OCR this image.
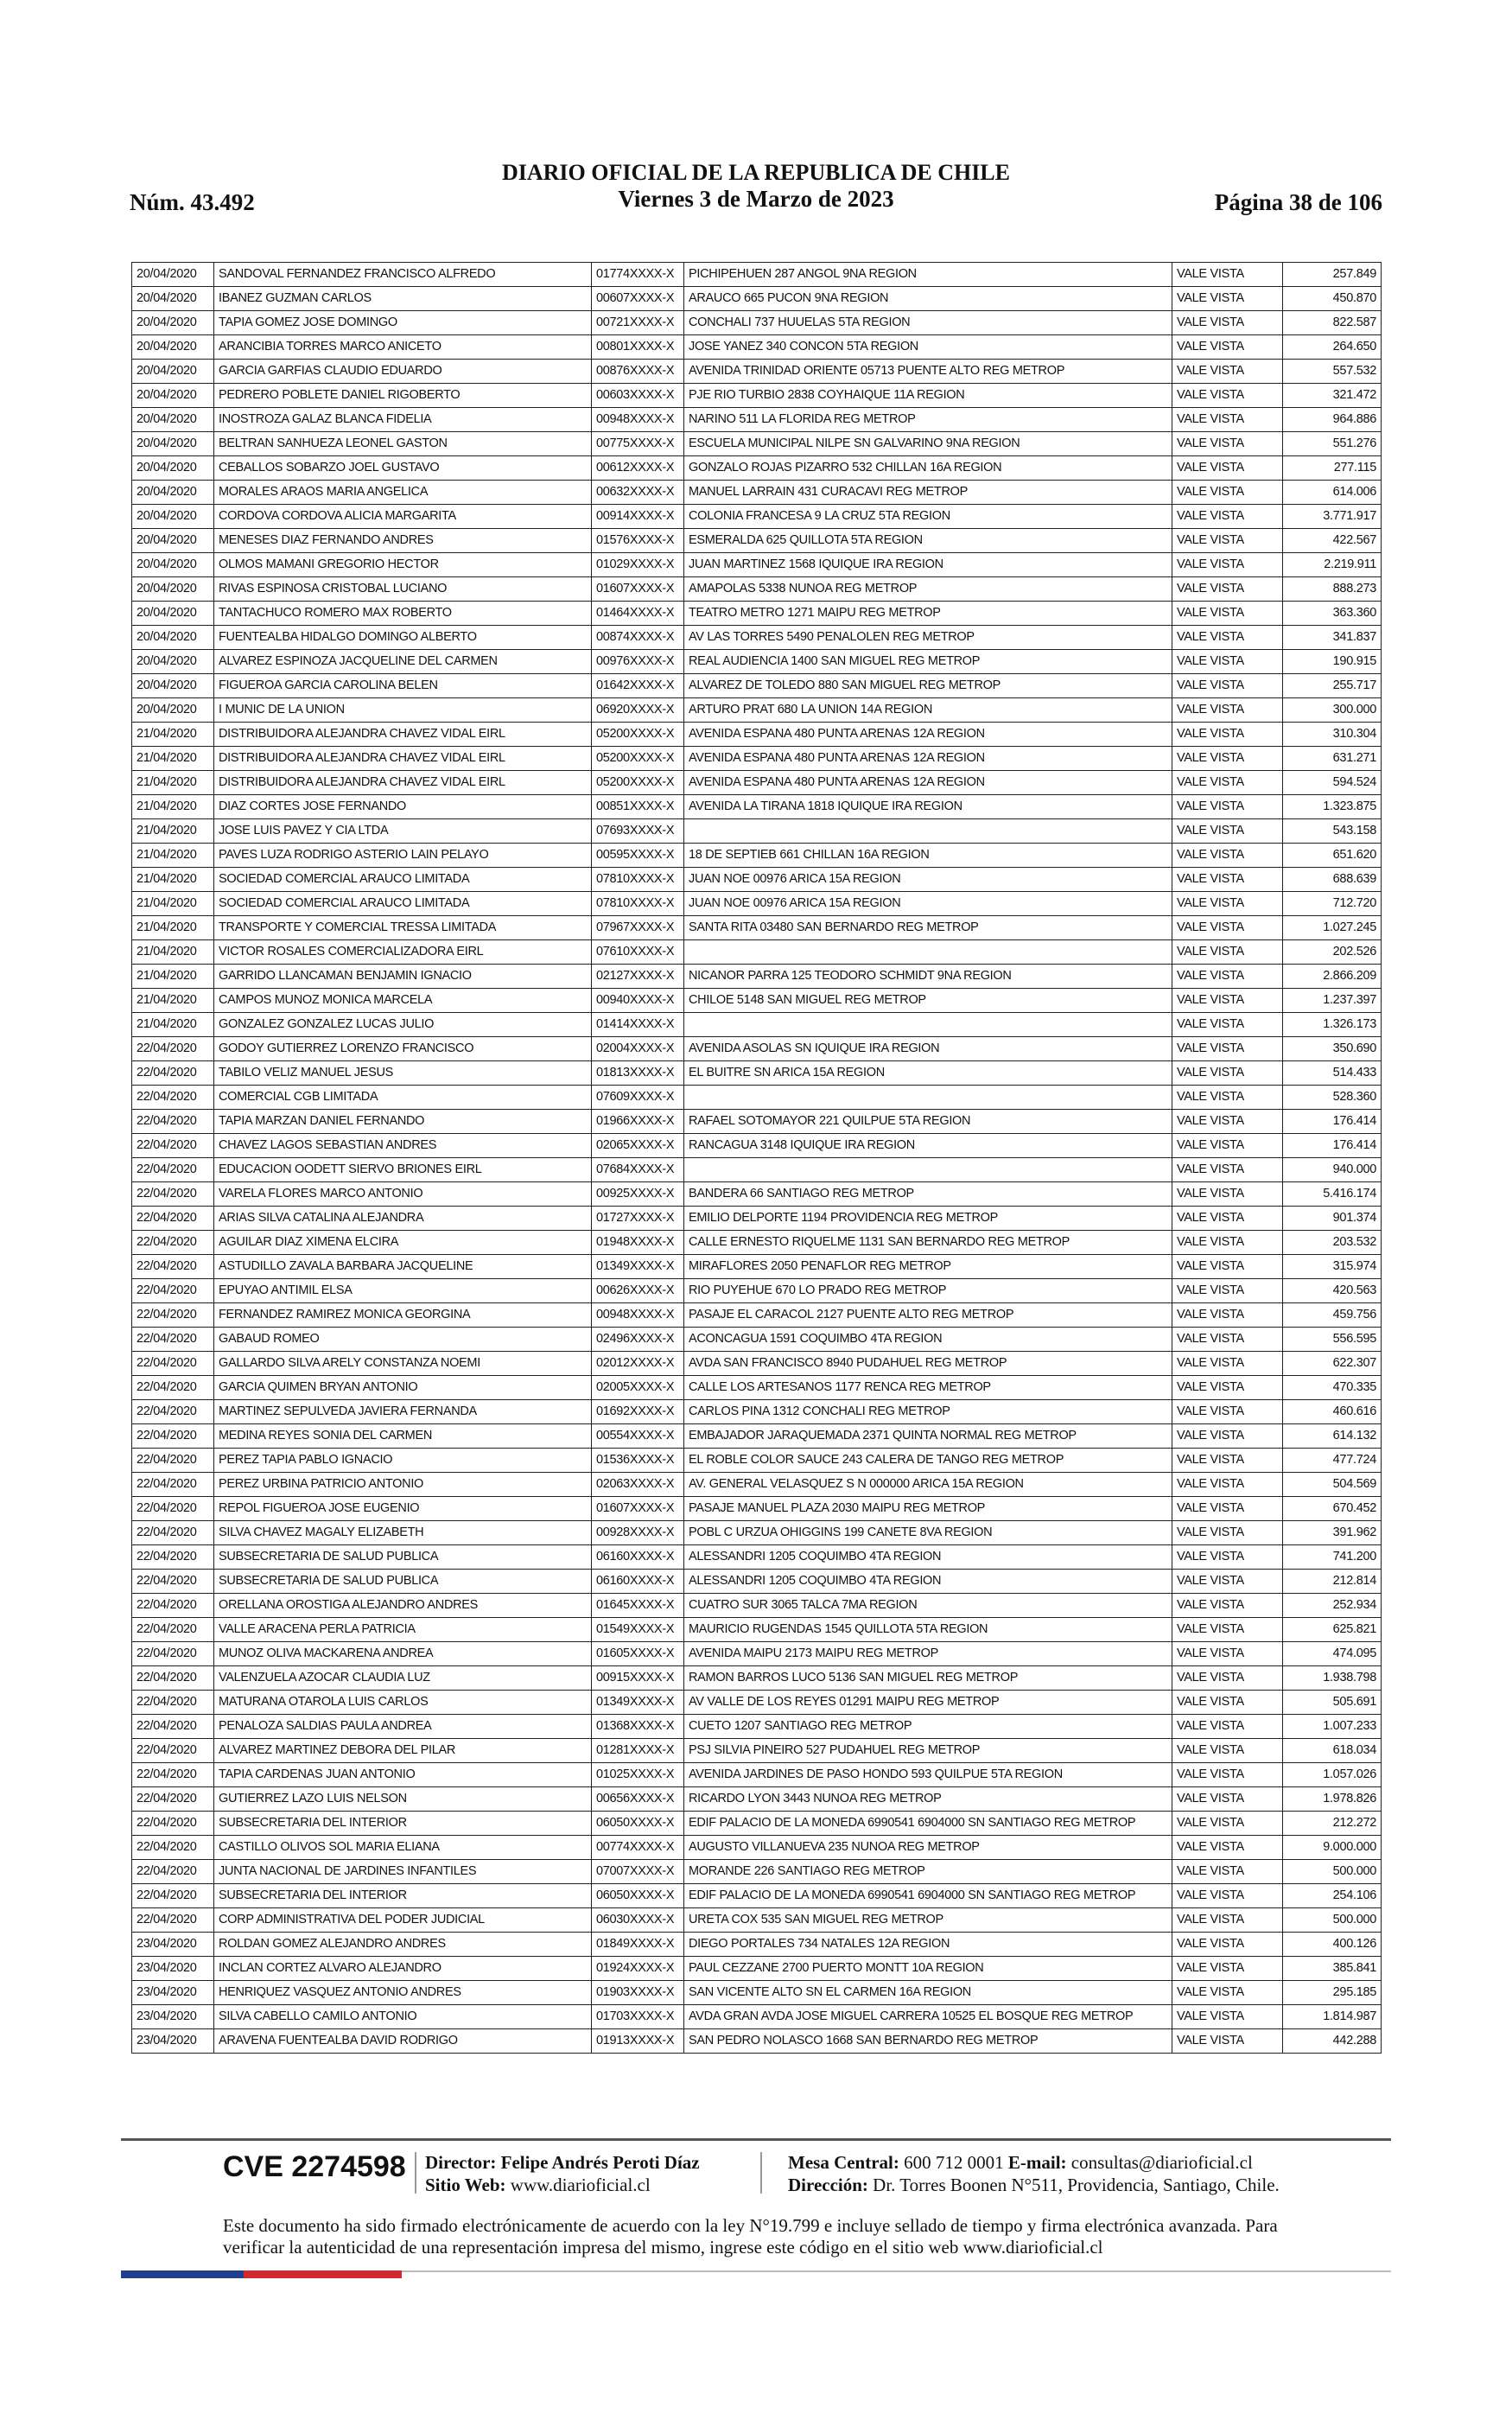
Núm. 43.492
DIARIO OFICIAL DE LA REPUBLICA DE CHILE
Viernes 3 de Marzo de 2023	Página 38 de 106
20/04/2020	SANDOVAL FERNANDEZ FRANCISCO ALFREDO	01774XXXX-X	PICHIPEHUEN 287 ANGOL 9NA REGION	VALE VISTA	257.849
20/04/2020	IBANEZ GUZMAN CARLOS	00607XXXX-X	ARAUCO 665 PUCON 9NA REGION	VALE VISTA	450.870
20/04/2020	TAPIA GOMEZ JOSE DOMINGO	00721XXXX-X	CONCHALI 737 HUUELAS 5TA REGION	VALE VISTA	822.587
20/04/2020	ARANCIBIA TORRES MARCO ANICETO	00801XXXX-X	JOSE YANEZ 340 CONCON 5TA REGION	VALE VISTA	264.650
20/04/2020	GARCIA GARFIAS CLAUDIO EDUARDO	00876XXXX-X	AVENIDA TRINIDAD ORIENTE 05713 PUENTE ALTO REG METROP	VALE VISTA	557.532
20/04/2020	PEDRERO POBLETE DANIEL RIGOBERTO	00603XXXX-X	PJE RIO TURBIO 2838 COYHAIQUE 11A REGION	VALE VISTA	321.472
20/04/2020	INOSTROZA GALAZ BLANCA FIDELIA	00948XXXX-X	NARINO 511 LA FLORIDA REG METROP	VALE VISTA	964.886
20/04/2020	BELTRAN SANHUEZA LEONEL GASTON	00775XXXX-X	ESCUELA MUNICIPAL NILPE SN GALVARINO 9NA REGION	VALE VISTA	551.276
20/04/2020	CEBALLOS SOBARZO JOEL GUSTAVO	00612XXXX-X	GONZALO ROJAS PIZARRO 532 CHILLAN 16A REGION	VALE VISTA	277.115
20/04/2020	MORALES ARAOS MARIA ANGELICA	00632XXXX-X	MANUEL LARRAIN 431 CURACAVI REG METROP	VALE VISTA	614.006
20/04/2020	CORDOVA CORDOVA ALICIA MARGARITA	00914XXXX-X	COLONIA FRANCESA 9 LA CRUZ 5TA REGION	VALE VISTA	3.771.917
20/04/2020	MENESES DIAZ FERNANDO ANDRES	01576XXXX-X	ESMERALDA 625 QUILLOTA 5TA REGION	VALE VISTA	422.567
20/04/2020	OLMOS MAMANI GREGORIO HECTOR	01029XXXX-X	JUAN MARTINEZ 1568 IQUIQUE IRA REGION	VALE VISTA	2.219.911
20/04/2020	RIVAS ESPINOSA CRISTOBAL LUCIANO	01607XXXX-X	AMAPOLAS 5338 NUNOA REG METROP	VALE VISTA	888.273
20/04/2020	TANTACHUCO ROMERO MAX ROBERTO	01464XXXX-X	TEATRO METRO 1271 MAIPU REG METROP	VALE VISTA	363.360
20/04/2020	FUENTEALBA HIDALGO DOMINGO ALBERTO	00874XXXX-X	AV LAS TORRES 5490 PENALOLEN REG METROP	VALE VISTA	341.837
20/04/2020	ALVAREZ ESPINOZA JACQUELINE DEL CARMEN	00976XXXX-X	REAL AUDIENCIA 1400 SAN MIGUEL REG METROP	VALE VISTA	190.915
20/04/2020	FIGUEROA GARCIA CAROLINA BELEN	01642XXXX-X	ALVAREZ DE TOLEDO 880 SAN MIGUEL REG METROP	VALE VISTA	255.717
20/04/2020	I MUNIC DE LA UNION	06920XXXX-X	ARTURO PRAT 680 LA UNION 14A REGION	VALE VISTA	300.000
21/04/2020	DISTRIBUIDORA ALEJANDRA CHAVEZ VIDAL EIRL	05200XXXX-X	AVENIDA ESPANA 480 PUNTA ARENAS 12A REGION	VALE VISTA	310.304
21/04/2020	DISTRIBUIDORA ALEJANDRA CHAVEZ VIDAL EIRL	05200XXXX-X	AVENIDA ESPANA 480 PUNTA ARENAS 12A REGION	VALE VISTA	631.271
21/04/2020	DISTRIBUIDORA ALEJANDRA CHAVEZ VIDAL EIRL	05200XXXX-X	AVENIDA ESPANA 480 PUNTA ARENAS 12A REGION	VALE VISTA	594.524
21/04/2020	DIAZ CORTES JOSE FERNANDO	00851XXXX-X	AVENIDA LA TIRANA 1818 IQUIQUE IRA REGION	VALE VISTA	1.323.875
21/04/2020	JOSE LUIS PAVEZ Y CIA LTDA	07693XXXX-X		VALE VISTA	543.158
21/04/2020	PAVES LUZA RODRIGO ASTERIO LAIN PELAYO	00595XXXX-X	18 DE SEPTIEB 661 CHILLAN 16A REGION	VALE VISTA	651.620
21/04/2020	SOCIEDAD COMERCIAL ARAUCO LIMITADA	07810XXXX-X	JUAN NOE 00976 ARICA 15A REGION	VALE VISTA	688.639
21/04/2020	SOCIEDAD COMERCIAL ARAUCO LIMITADA	07810XXXX-X	JUAN NOE 00976 ARICA 15A REGION	VALE VISTA	712.720
21/04/2020	TRANSPORTE Y COMERCIAL TRESSA LIMITADA	07967XXXX-X	SANTA RITA 03480 SAN BERNARDO REG METROP	VALE VISTA	1.027.245
21/04/2020	VICTOR ROSALES COMERCIALIZADORA EIRL	07610XXXX-X		VALE VISTA	202.526
21/04/2020	GARRIDO LLANCAMAN BENJAMIN IGNACIO	02127XXXX-X	NICANOR PARRA 125 TEODORO SCHMIDT 9NA REGION	VALE VISTA	2.866.209
21/04/2020	CAMPOS MUNOZ MONICA MARCELA	00940XXXX-X	CHILOE 5148 SAN MIGUEL REG METROP	VALE VISTA	1.237.397
21/04/2020	GONZALEZ GONZALEZ LUCAS JULIO	01414XXXX-X		VALE VISTA	1.326.173
22/04/2020	GODOY GUTIERREZ LORENZO FRANCISCO	02004XXXX-X	AVENIDA ASOLAS SN IQUIQUE IRA REGION	VALE VISTA	350.690
22/04/2020	TABILO VELIZ MANUEL JESUS	01813XXXX-X	EL BUITRE SN ARICA 15A REGION	VALE VISTA	514.433
22/04/2020	COMERCIAL CGB LIMITADA	07609XXXX-X		VALE VISTA	528.360
22/04/2020	TAPIA MARZAN DANIEL FERNANDO	01966XXXX-X	RAFAEL SOTOMAYOR 221 QUILPUE 5TA REGION	VALE VISTA	176.414
22/04/2020	CHAVEZ LAGOS SEBASTIAN ANDRES	02065XXXX-X	RANCAGUA 3148 IQUIQUE IRA REGION	VALE VISTA	176.414
22/04/2020	EDUCACION OODETT SIERVO BRIONES EIRL	07684XXXX-X		VALE VISTA	940.000
22/04/2020	VARELA FLORES MARCO ANTONIO	00925XXXX-X	BANDERA 66 SANTIAGO REG METROP	VALE VISTA	5.416.174
22/04/2020	ARIAS SILVA CATALINA ALEJANDRA	01727XXXX-X	EMILIO DELPORTE 1194 PROVIDENCIA REG METROP	VALE VISTA	901.374
22/04/2020	AGUILAR DIAZ XIMENA ELCIRA	01948XXXX-X	CALLE ERNESTO RIQUELME 1131 SAN BERNARDO REG METROP	VALE VISTA	203.532
22/04/2020	ASTUDILLO ZAVALA BARBARA JACQUELINE	01349XXXX-X	MIRAFLORES 2050 PENAFLOR REG METROP	VALE VISTA	315.974
22/04/2020	EPUYAO ANTIMIL ELSA	00626XXXX-X	RIO PUYEHUE 670 LO PRADO REG METROP	VALE VISTA	420.563
22/04/2020	FERNANDEZ RAMIREZ MONICA GEORGINA	00948XXXX-X	PASAJE EL CARACOL 2127 PUENTE ALTO REG METROP	VALE VISTA	459.756
22/04/2020	GABAUD ROMEO	02496XXXX-X	ACONCAGUA 1591 COQUIMBO 4TA REGION	VALE VISTA	556.595
22/04/2020	GALLARDO SILVA ARELY CONSTANZA NOEMI	02012XXXX-X	AVDA SAN FRANCISCO 8940 PUDAHUEL REG METROP	VALE VISTA	622.307
22/04/2020	GARCIA QUIMEN BRYAN ANTONIO	02005XXXX-X	CALLE LOS ARTESANOS 1177 RENCA REG METROP	VALE VISTA	470.335
22/04/2020	MARTINEZ SEPULVEDA JAVIERA FERNANDA	01692XXXX-X	CARLOS PINA 1312 CONCHALI REG METROP	VALE VISTA	460.616
22/04/2020	MEDINA REYES SONIA DEL CARMEN	00554XXXX-X	EMBAJADOR JARAQUEMADA 2371 QUINTA NORMAL REG METROP	VALE VISTA	614.132
22/04/2020	PEREZ TAPIA PABLO IGNACIO	01536XXXX-X	EL ROBLE COLOR SAUCE 243 CALERA DE TANGO REG METROP	VALE VISTA	477.724
22/04/2020	PEREZ URBINA PATRICIO ANTONIO	02063XXXX-X	AV. GENERAL VELASQUEZ S N 000000 ARICA 15A REGION	VALE VISTA	504.569
22/04/2020	REPOL FIGUEROA JOSE EUGENIO	01607XXXX-X	PASAJE MANUEL PLAZA 2030 MAIPU REG METROP	VALE VISTA	670.452
22/04/2020	SILVA CHAVEZ MAGALY ELIZABETH	00928XXXX-X	POBL C URZUA OHIGGINS 199 CANETE 8VA REGION	VALE VISTA	391.962
22/04/2020	SUBSECRETARIA DE SALUD PUBLICA	06160XXXX-X	ALESSANDRI 1205 COQUIMBO 4TA REGION	VALE VISTA	741.200
22/04/2020	SUBSECRETARIA DE SALUD PUBLICA	06160XXXX-X	ALESSANDRI 1205 COQUIMBO 4TA REGION	VALE VISTA	212.814
22/04/2020	ORELLANA OROSTIGA ALEJANDRO ANDRES	01645XXXX-X	CUATRO SUR 3065 TALCA 7MA REGION	VALE VISTA	252.934
22/04/2020	VALLE ARACENA PERLA PATRICIA	01549XXXX-X	MAURICIO RUGENDAS 1545 QUILLOTA 5TA REGION	VALE VISTA	625.821
22/04/2020	MUNOZ OLIVA MACKARENA ANDREA	01605XXXX-X	AVENIDA MAIPU 2173 MAIPU REG METROP	VALE VISTA	474.095
22/04/2020	VALENZUELA AZOCAR CLAUDIA LUZ	00915XXXX-X	RAMON BARROS LUCO 5136 SAN MIGUEL REG METROP	VALE VISTA	1.938.798
22/04/2020	MATURANA OTAROLA LUIS CARLOS	01349XXXX-X	AV VALLE DE LOS REYES 01291 MAIPU REG METROP	VALE VISTA	505.691
22/04/2020	PENALOZA SALDIAS PAULA ANDREA	01368XXXX-X	CUETO 1207 SANTIAGO REG METROP	VALE VISTA	1.007.233
22/04/2020	ALVAREZ MARTINEZ DEBORA DEL PILAR	01281XXXX-X	PSJ SILVIA PINEIRO 527 PUDAHUEL REG METROP	VALE VISTA	618.034
22/04/2020	TAPIA CARDENAS JUAN ANTONIO	01025XXXX-X	AVENIDA JARDINES DE PASO HONDO 593 QUILPUE 5TA REGION	VALE VISTA	1.057.026
22/04/2020	GUTIERREZ LAZO LUIS NELSON	00656XXXX-X	RICARDO LYON 3443 NUNOA REG METROP	VALE VISTA	1.978.826
22/04/2020	SUBSECRETARIA DEL INTERIOR	06050XXXX-X	EDIF PALACIO DE LA MONEDA 6990541 6904000 SN SANTIAGO REG METROP	VALE VISTA	212.272
22/04/2020	CASTILLO OLIVOS SOL MARIA ELIANA	00774XXXX-X	AUGUSTO VILLANUEVA 235 NUNOA REG METROP	VALE VISTA	9.000.000
22/04/2020	JUNTA NACIONAL DE JARDINES INFANTILES	07007XXXX-X	MORANDE 226 SANTIAGO REG METROP	VALE VISTA	500.000
22/04/2020	SUBSECRETARIA DEL INTERIOR	06050XXXX-X	EDIF PALACIO DE LA MONEDA 6990541 6904000 SN SANTIAGO REG METROP	VALE VISTA	254.106
22/04/2020	CORP ADMINISTRATIVA DEL PODER JUDICIAL	06030XXXX-X	URETA COX 535 SAN MIGUEL REG METROP	VALE VISTA	500.000
23/04/2020	ROLDAN GOMEZ ALEJANDRO ANDRES	01849XXXX-X	DIEGO PORTALES 734 NATALES 12A REGION	VALE VISTA	400.126
23/04/2020	INCLAN CORTEZ ALVARO ALEJANDRO	01924XXXX-X	PAUL CEZZANE 2700 PUERTO MONTT 10A REGION	VALE VISTA	385.841
23/04/2020	HENRIQUEZ VASQUEZ ANTONIO ANDRES	01903XXXX-X	SAN VICENTE ALTO SN EL CARMEN 16A REGION	VALE VISTA	295.185
23/04/2020	SILVA CABELLO CAMILO ANTONIO	01703XXXX-X	AVDA GRAN AVDA JOSE MIGUEL CARRERA 10525 EL BOSQUE REG METROP	VALE VISTA	1.814.987
23/04/2020	ARAVENA FUENTEALBA DAVID RODRIGO	01913XXXX-X	SAN PEDRO NOLASCO 1668 SAN BERNARDO REG METROP	VALE VISTA	442.288
CVE 2274598 Director: Felipe Andrés Peroti Díaz
Sitio Web: www.diarioficial.cl
Mesa Central: 600 712 0001 E-mail: consultas@diarioficial.cl
Dirección: Dr. Torres Boonen N°511, Providencia, Santiago, Chile.
Este documento ha sido firmado electrónicamente de acuerdo con la ley N°19.799 e incluye sellado de tiempo y firma electrónica avanzada. Para verificar la autenticidad de una representación impresa del mismo, ingrese este código en el sitio web www.diarioficial.cl
